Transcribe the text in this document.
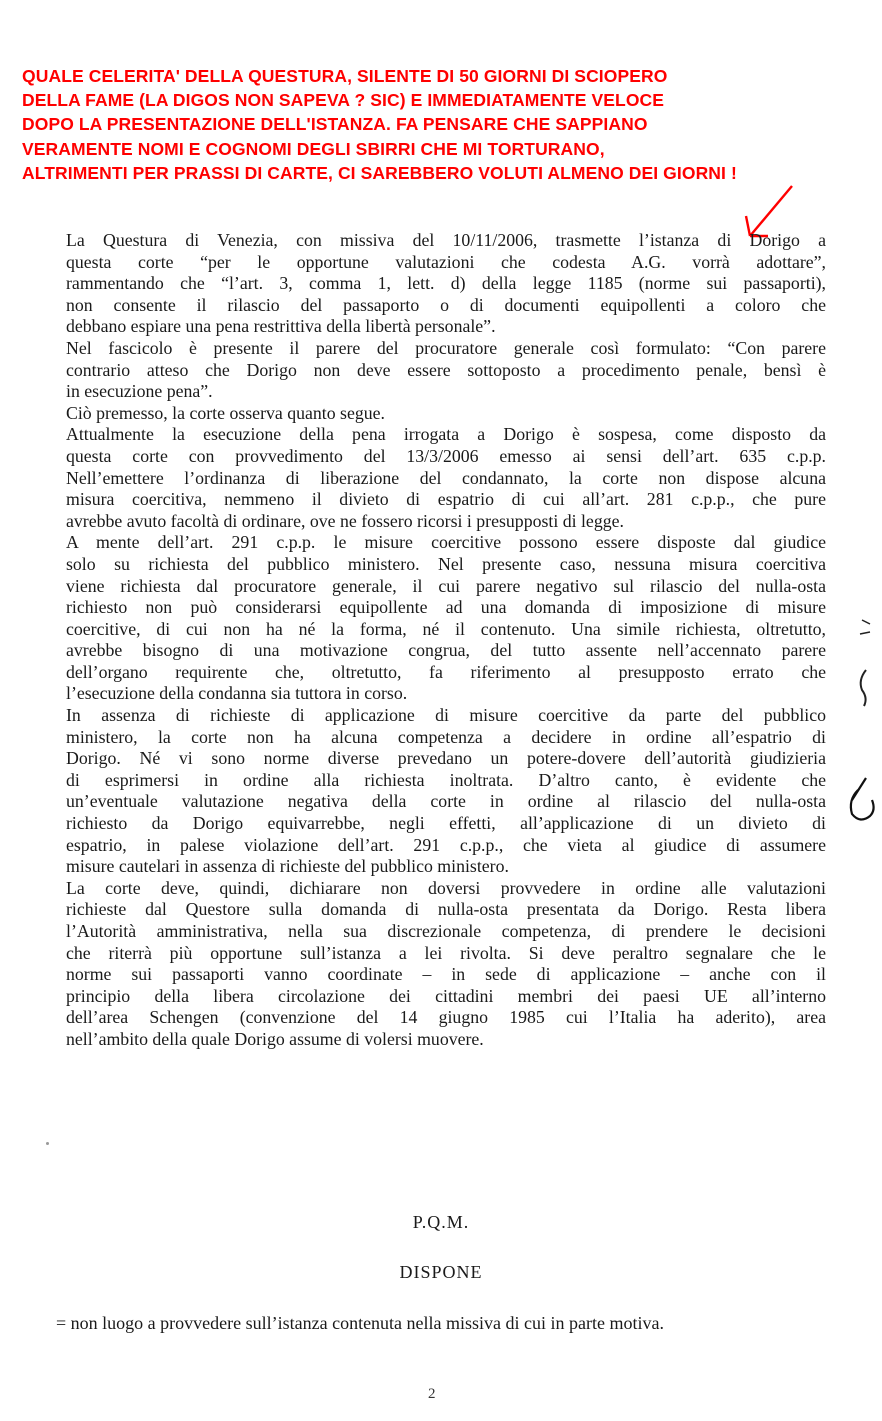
QUALE CELERITA' DELLA QUESTURA, SILENTE DI 50 GIORNI DI SCIOPERO
DELLA FAME (LA DIGOS NON SAPEVA ? SIC) E IMMEDIATAMENTE VELOCE
DOPO LA PRESENTAZIONE DELL'ISTANZA. FA PENSARE CHE SAPPIANO
VERAMENTE NOMI E COGNOMI DEGLI SBIRRI CHE MI TORTURANO,
ALTRIMENTI PER PRASSI DI CARTE, CI SAREBBERO VOLUTI ALMENO DEI GIORNI !
La Questura di Venezia, con missiva del 10/11/2006, trasmette l’istanza di Dorigo a
questa corte “per le opportune valutazioni che codesta A.G. vorrà adottare”,
rammentando che “l’art. 3, comma 1, lett. d) della legge 1185 (norme sui passaporti),
non consente il rilascio del passaporto o di documenti equipollenti a coloro che
debbano espiare una pena restrittiva della libertà personale”.
Nel fascicolo è presente il parere del procuratore generale così formulato: “Con parere
contrario atteso che Dorigo non deve essere sottoposto a procedimento penale, bensì è
in esecuzione pena”.
Ciò premesso, la corte osserva quanto segue.
Attualmente la esecuzione della pena irrogata a Dorigo è sospesa, come disposto da
questa corte con provvedimento del 13/3/2006 emesso ai sensi dell’art. 635 c.p.p.
Nell’emettere l’ordinanza di liberazione del condannato, la corte non dispose alcuna
misura coercitiva, nemmeno il divieto di espatrio di cui all’art. 281 c.p.p., che pure
avrebbe avuto facoltà di ordinare, ove ne fossero ricorsi i presupposti di legge.
A mente dell’art. 291 c.p.p. le misure coercitive possono essere disposte dal giudice
solo su richiesta del pubblico ministero. Nel presente caso, nessuna misura coercitiva
viene richiesta dal procuratore generale, il cui parere negativo sul rilascio del nulla-osta
richiesto non può considerarsi equipollente ad una domanda di imposizione di misure
coercitive, di cui non ha né la forma, né il contenuto. Una simile richiesta, oltretutto,
avrebbe bisogno di una motivazione congrua, del tutto assente nell’accennato parere
dell’organo requirente che, oltretutto, fa riferimento al presupposto errato che
l’esecuzione della condanna sia tuttora in corso.
In assenza di richieste di applicazione di misure coercitive da parte del pubblico
ministero, la corte non ha alcuna competenza a decidere in ordine all’espatrio di
Dorigo. Né vi sono norme diverse prevedano un potere-dovere dell’autorità giudizieria
di esprimersi in ordine alla richiesta inoltrata. D’altro canto, è evidente che
un’eventuale valutazione negativa della corte in ordine al rilascio del nulla-osta
richiesto da Dorigo equivarrebbe, negli effetti, all’applicazione di un divieto di
espatrio, in palese violazione dell’art. 291 c.p.p., che vieta al giudice di assumere
misure cautelari in assenza di richieste del pubblico ministero.
La corte deve, quindi, dichiarare non doversi provvedere in ordine alle valutazioni
richieste dal Questore sulla domanda di nulla-osta presentata da Dorigo. Resta libera
l’Autorità amministrativa, nella sua discrezionale competenza, di prendere le decisioni
che riterrà più opportune sull’istanza a lei rivolta. Si deve peraltro segnalare che le
norme sui passaporti vanno coordinate – in sede di applicazione – anche con il
principio della libera circolazione dei cittadini membri dei paesi UE all’interno
dell’area Schengen (convenzione del 14 giugno 1985 cui l’Italia ha aderito), area
nell’ambito della quale Dorigo assume di volersi muovere.
P.Q.M.
DISPONE
= non luogo a provvedere sull’istanza contenuta nella missiva di cui in parte motiva.
2
